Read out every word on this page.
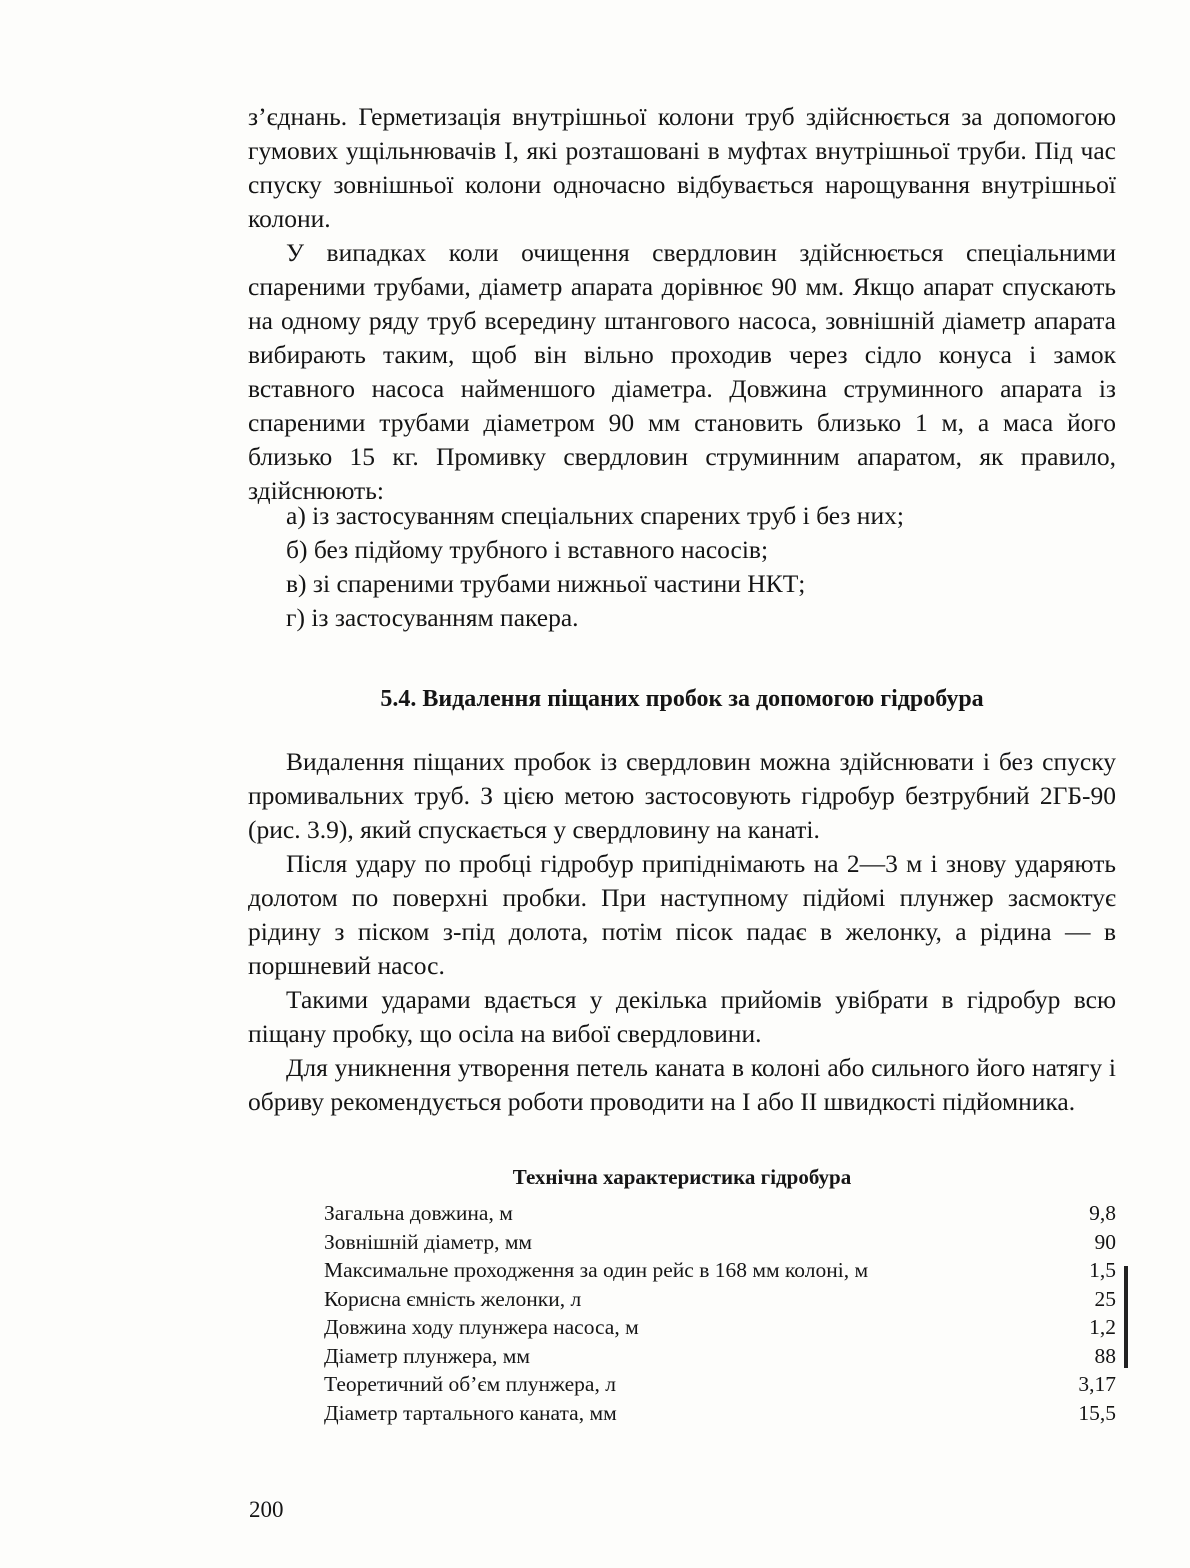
з’єднань. Герметизація внутрішньої колони труб здійснюється за допомогою гумових ущільнювачів І, які розташовані в муфтах внутрішньої труби. Під час спуску зовнішньої колони одночасно відбувається нарощування внутрішньої колони.

У випадках коли очищення свердловин здійснюється спеціальними спареними трубами, діаметр апарата дорівнює 90 мм. Якщо апарат спускають на одному ряду труб всередину штангового насоса, зовнішній діаметр апарата вибирають таким, щоб він вільно проходив через сідло конуса і замок вставного насоса найменшого діаметра. Довжина струминного апарата із спареними трубами діаметром 90 мм становить близько 1 м, а маса його близько 15 кг. Промивку свердловин струминним апаратом, як правило, здійснюють:

а) із застосуванням спеціальних спарених труб і без них;
б) без підйому трубного і вставного насосів;
в) зі спареними трубами нижньої частини НКТ;
г) із застосуванням пакера.
5.4. Видалення піщаних пробок за допомогою гідробура

Видалення піщаних пробок із свердловин можна здійснювати і без спуску промивальних труб. З цією метою застосовують гідробур безтрубний 2ГБ-90 (рис. 3.9), який спускається у свердловину на канаті.

Після удару по пробці гідробур припіднімають на 2—3 м і знову ударяють долотом по поверхні пробки. При наступному підйомі плунжер засмоктує рідину з піском з-під долота, потім пісок падає в желонку, а рідина — в поршневий насос.

Такими ударами вдається у декілька прийомів увібрати в гідробур всю піщану пробку, що осіла на вибої свердловини.

Для уникнення утворення петель каната в колоні або сильного його натягу і обриву рекомендується роботи проводити на І або ІІ швидкості підйомника.

Технічна характеристика гідробура
Загальна довжина, м	9,8
Зовнішній діаметр, мм	90
Максимальне проходження за один рейс в 168 мм колоні, м	1,5
Корисна ємність желонки, л	25
Довжина ходу плунжера насоса, м	1,2
Діаметр плунжера, мм	88
Теоретичний об’єм плунжера, л	3,17
Діаметр тартального каната, мм	15,5
200
